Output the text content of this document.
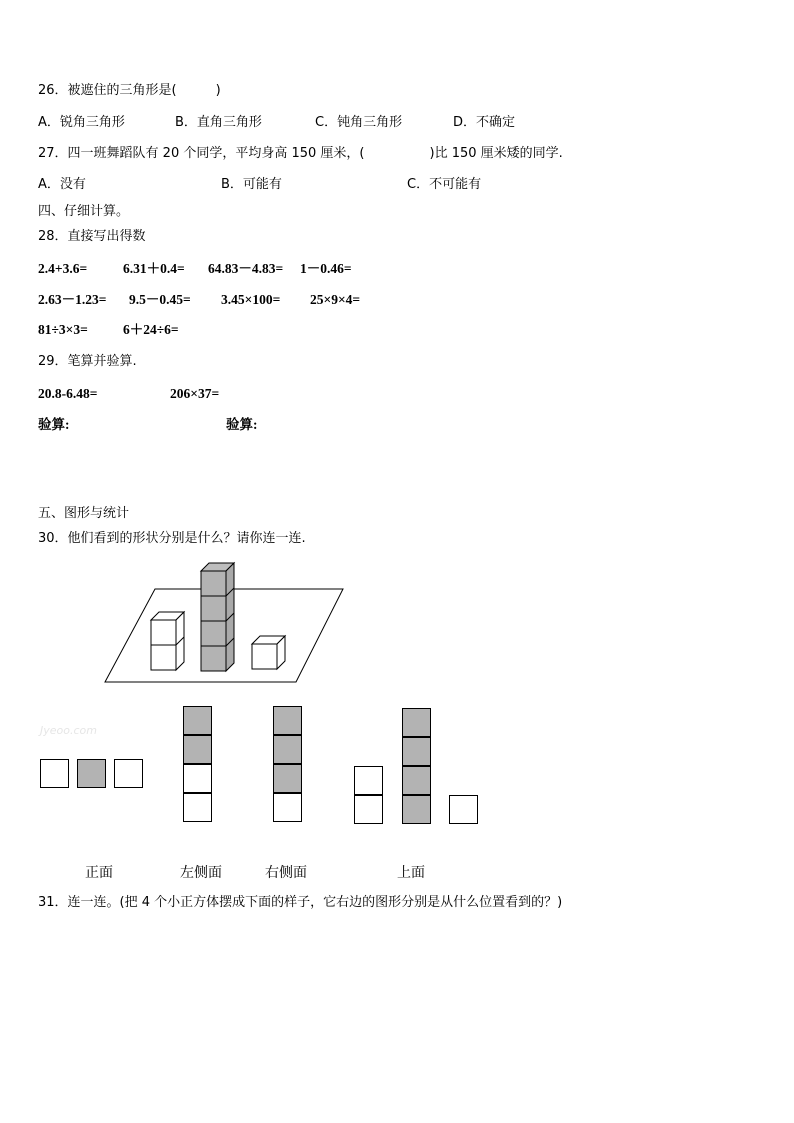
26．被遮住的三角形是(　　　)
A．锐角三角形	B．直角三角形	C．钝角三角形	D．不确定
27．四一班舞蹈队有 20 个同学，平均身高 150 厘米，(　　　　　)比 150 厘米矮的同学.
A．没有	B．可能有	C．不可能有
四、仔细计算。
28．直接写出得数
2.4+3.6=	6.31＋0.4= 64.83－4.83= 1－0.46=
2.63－1.23= 9.5－0.45= 3.45×100= 25×9×4=
81÷3×3=	6＋24÷6=
29．笔算并验算.
20.8-6.48=	206×37=
验算:	验算:
五、图形与统计
30．他们看到的形状分别是什么？请你连一连.
Jyeoo.com
正面	左侧面	右侧面	上面
31．连一连。(把 4 个小正方体摆成下面的样子，它右边的图形分别是从什么位置看到的？)
